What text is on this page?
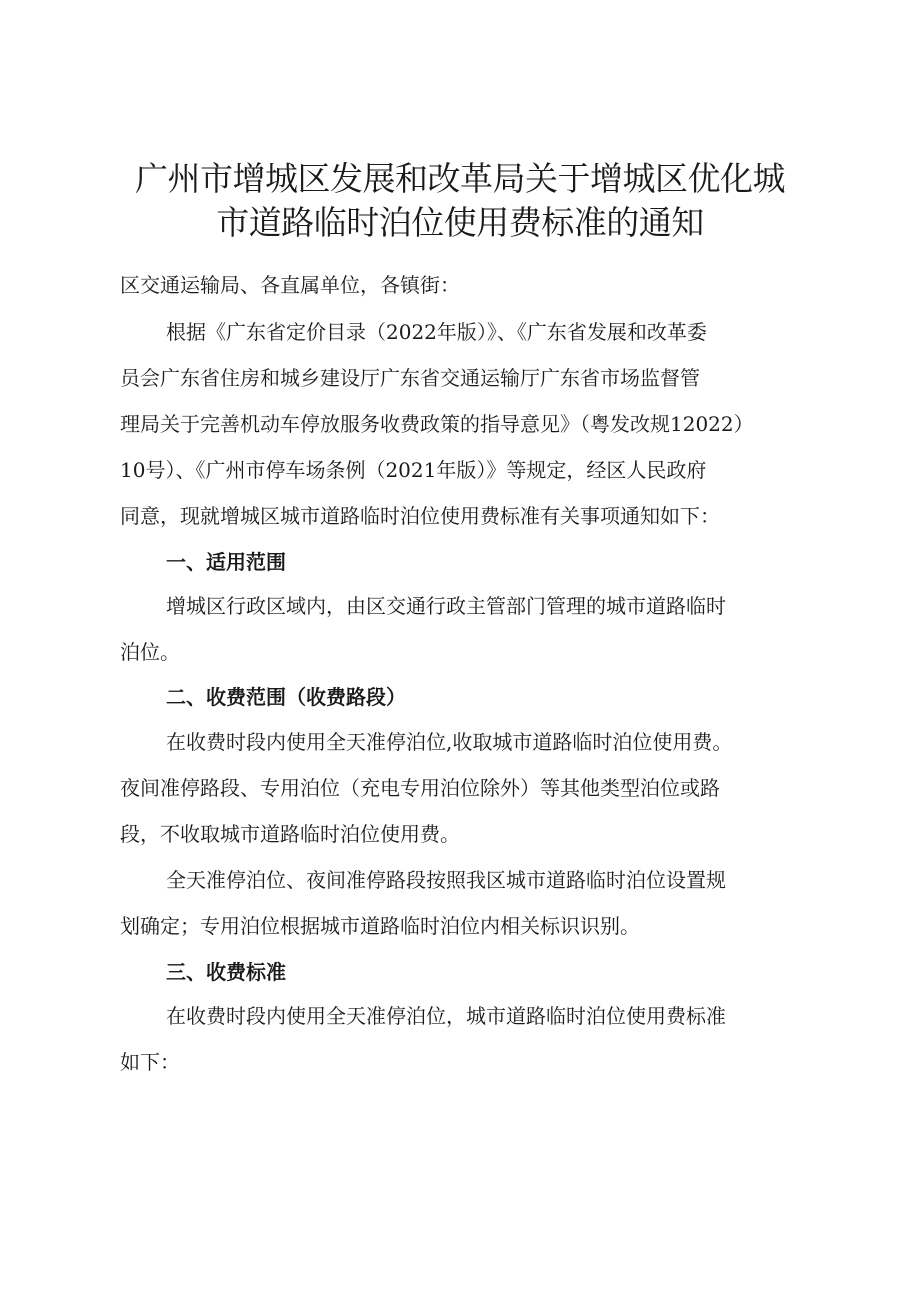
广州市增城区发展和改革局关于增城区优化城
市道路临时泊位使用费标准的通知

区交通运输局、各直属单位，各镇街：

根据《广东省定价目录（2022年版）》、《广东省发展和改革委

员会广东省住房和城乡建设厅广东省交通运输厅广东省市场监督管

理局关于完善机动车停放服务收费政策的指导意见》（粤发改规12022）

10号）、《广州市停车场条例（2021年版）》等规定，经区人民政府

同意，现就增城区城市道路临时泊位使用费标准有关事项通知如下：

一、适用范围

增城区行政区域内，由区交通行政主管部门管理的城市道路临时

泊位。

二、收费范围（收费路段）

在收费时段内使用全天准停泊位,收取城市道路临时泊位使用费。

夜间准停路段、专用泊位（充电专用泊位除外）等其他类型泊位或路

段，不收取城市道路临时泊位使用费。

全天准停泊位、夜间准停路段按照我区城市道路临时泊位设置规

划确定；专用泊位根据城市道路临时泊位内相关标识识别。

三、收费标准

在收费时段内使用全天准停泊位，城市道路临时泊位使用费标准

如下：
